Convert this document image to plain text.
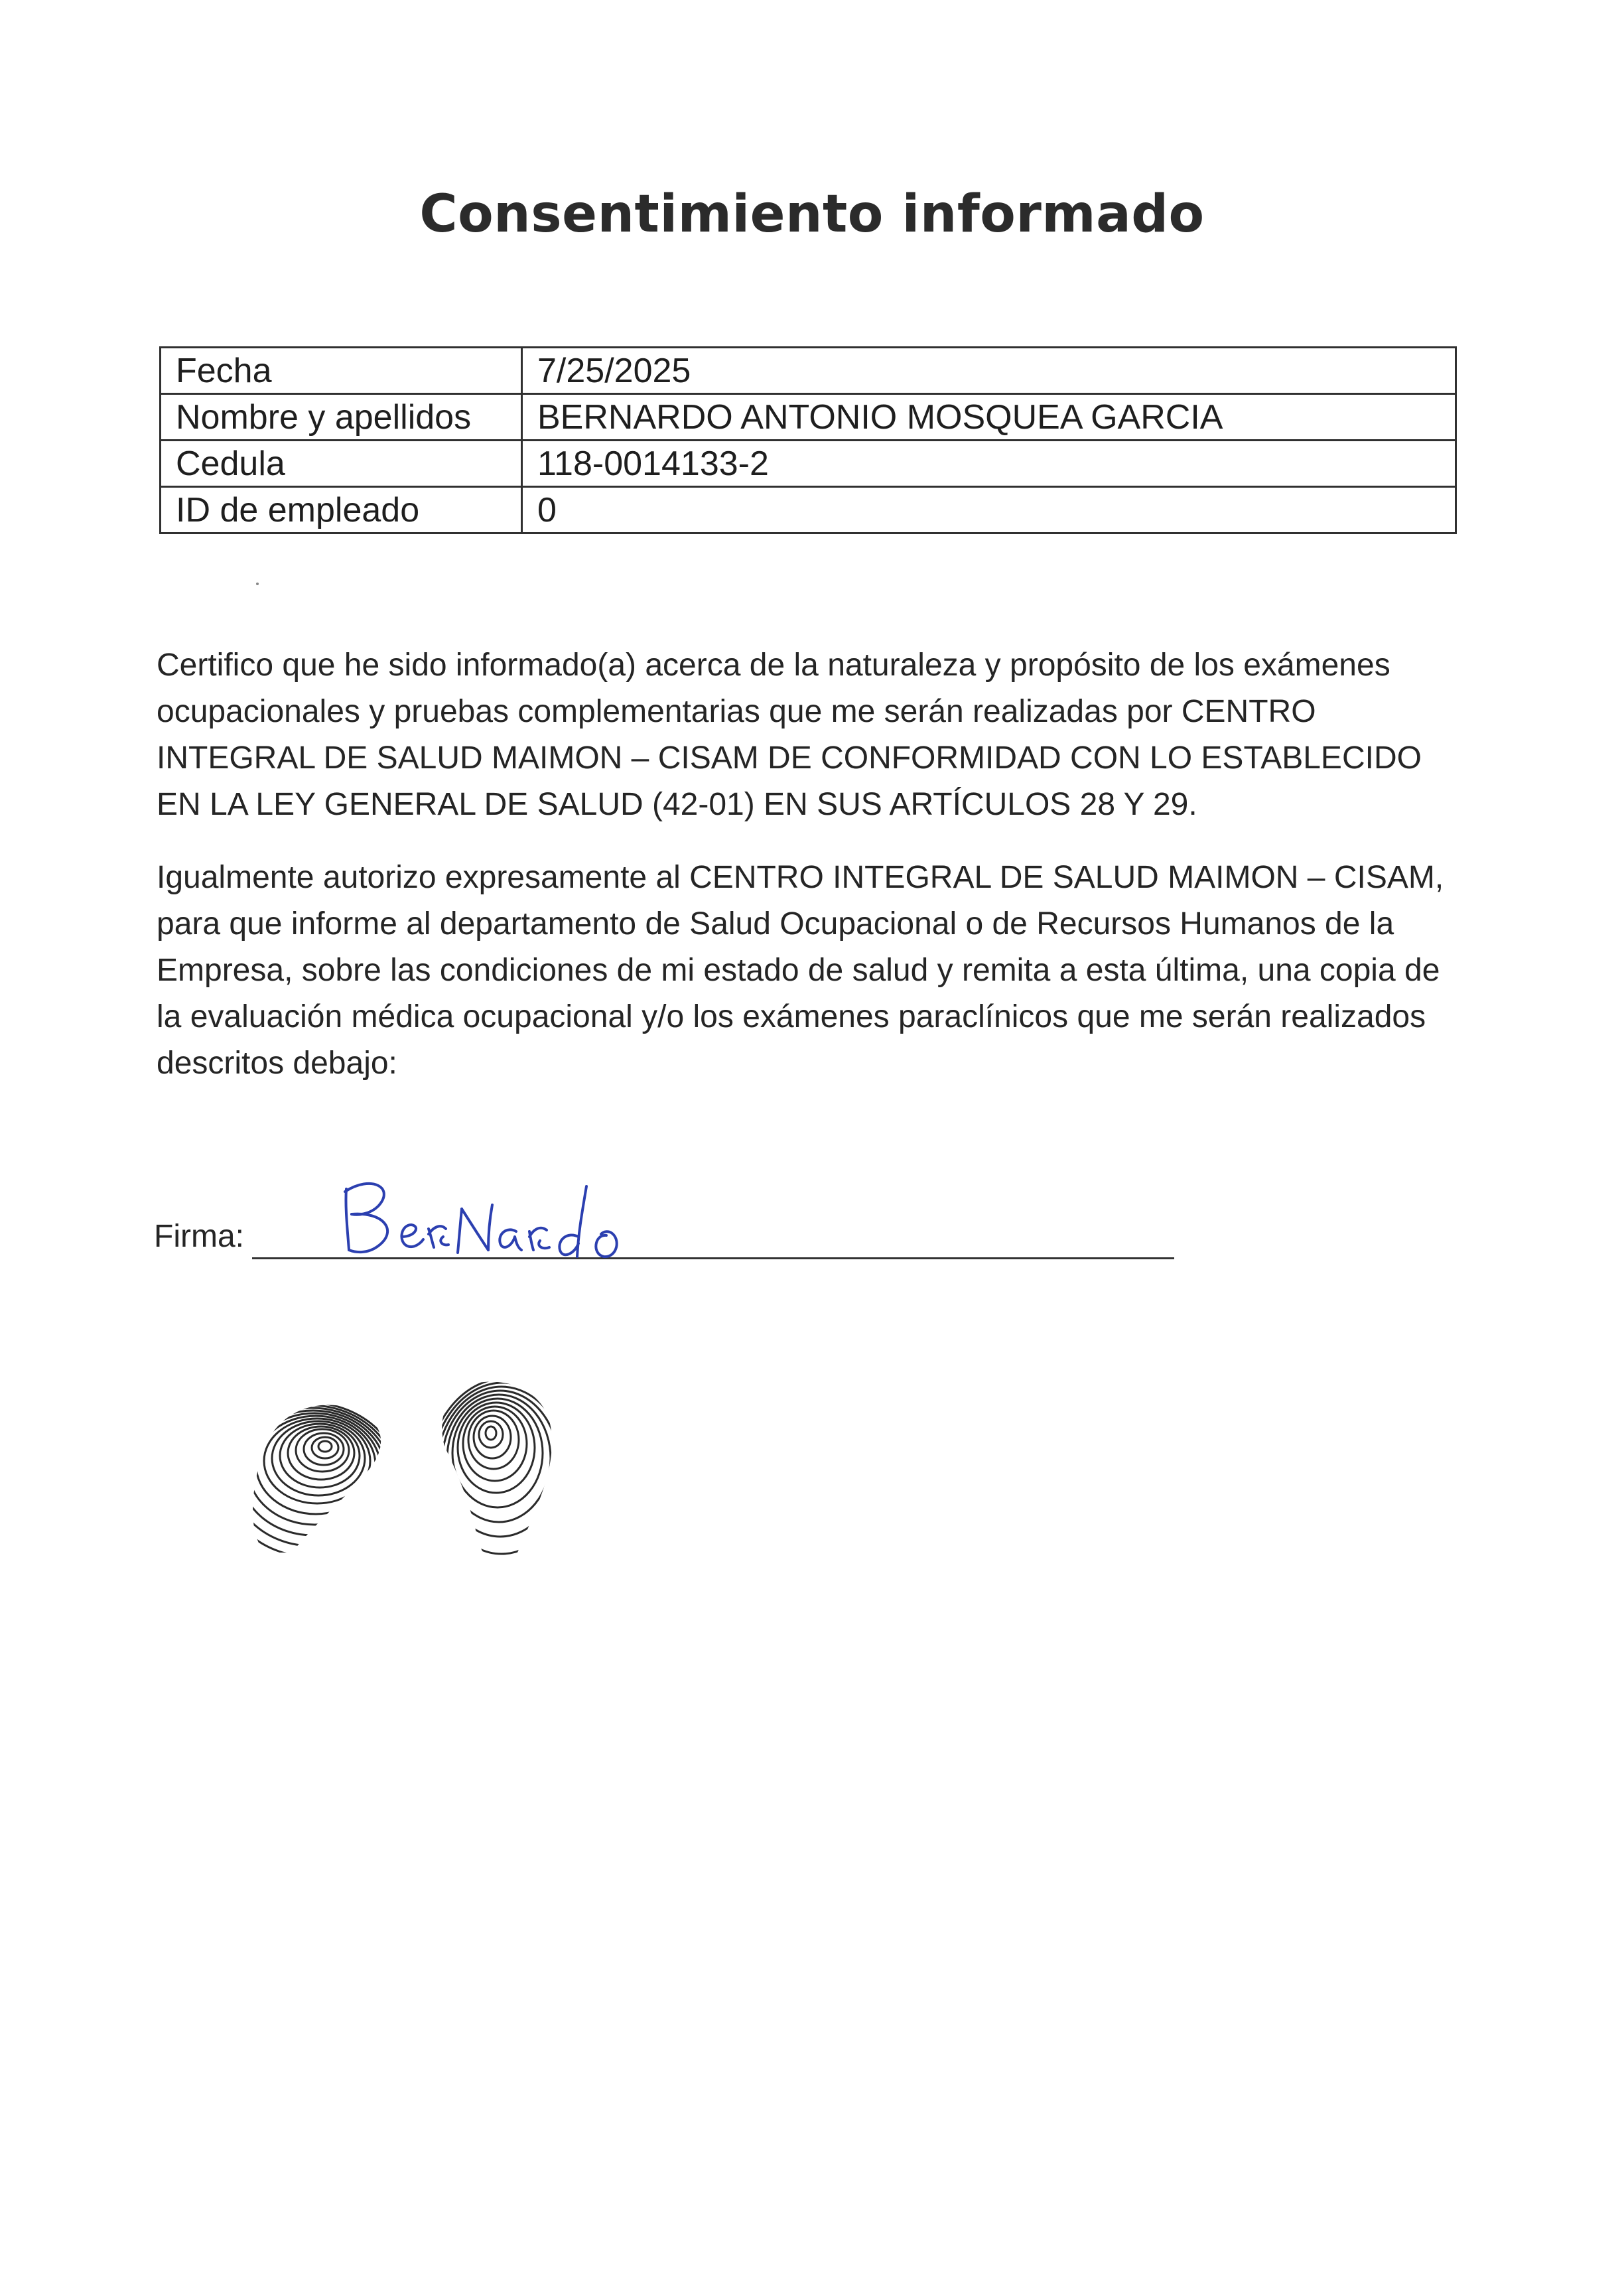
Consentimiento informado
Fecha	7/25/2025
Nombre y apellidos	BERNARDO ANTONIO MOSQUEA GARCIA
Cedula	118-0014133-2
ID de empleado	0

Certifico que he sido informado(a) acerca de la naturaleza y propósito de los exámenes ocupacionales y pruebas complementarias que me serán realizadas por CENTRO INTEGRAL DE SALUD MAIMON – CISAM DE CONFORMIDAD CON LO ESTABLECIDO EN LA LEY GENERAL DE SALUD (42-01) EN SUS ARTÍCULOS 28 Y 29.

Igualmente autorizo expresamente al CENTRO INTEGRAL DE SALUD MAIMON – CISAM, para que informe al departamento de Salud Ocupacional o de Recursos Humanos de la Empresa, sobre las condiciones de mi estado de salud y remita a esta última, una copia de la evaluación médica ocupacional y/o los exámenes paraclínicos que me serán realizados descritos debajo:

Firma:
